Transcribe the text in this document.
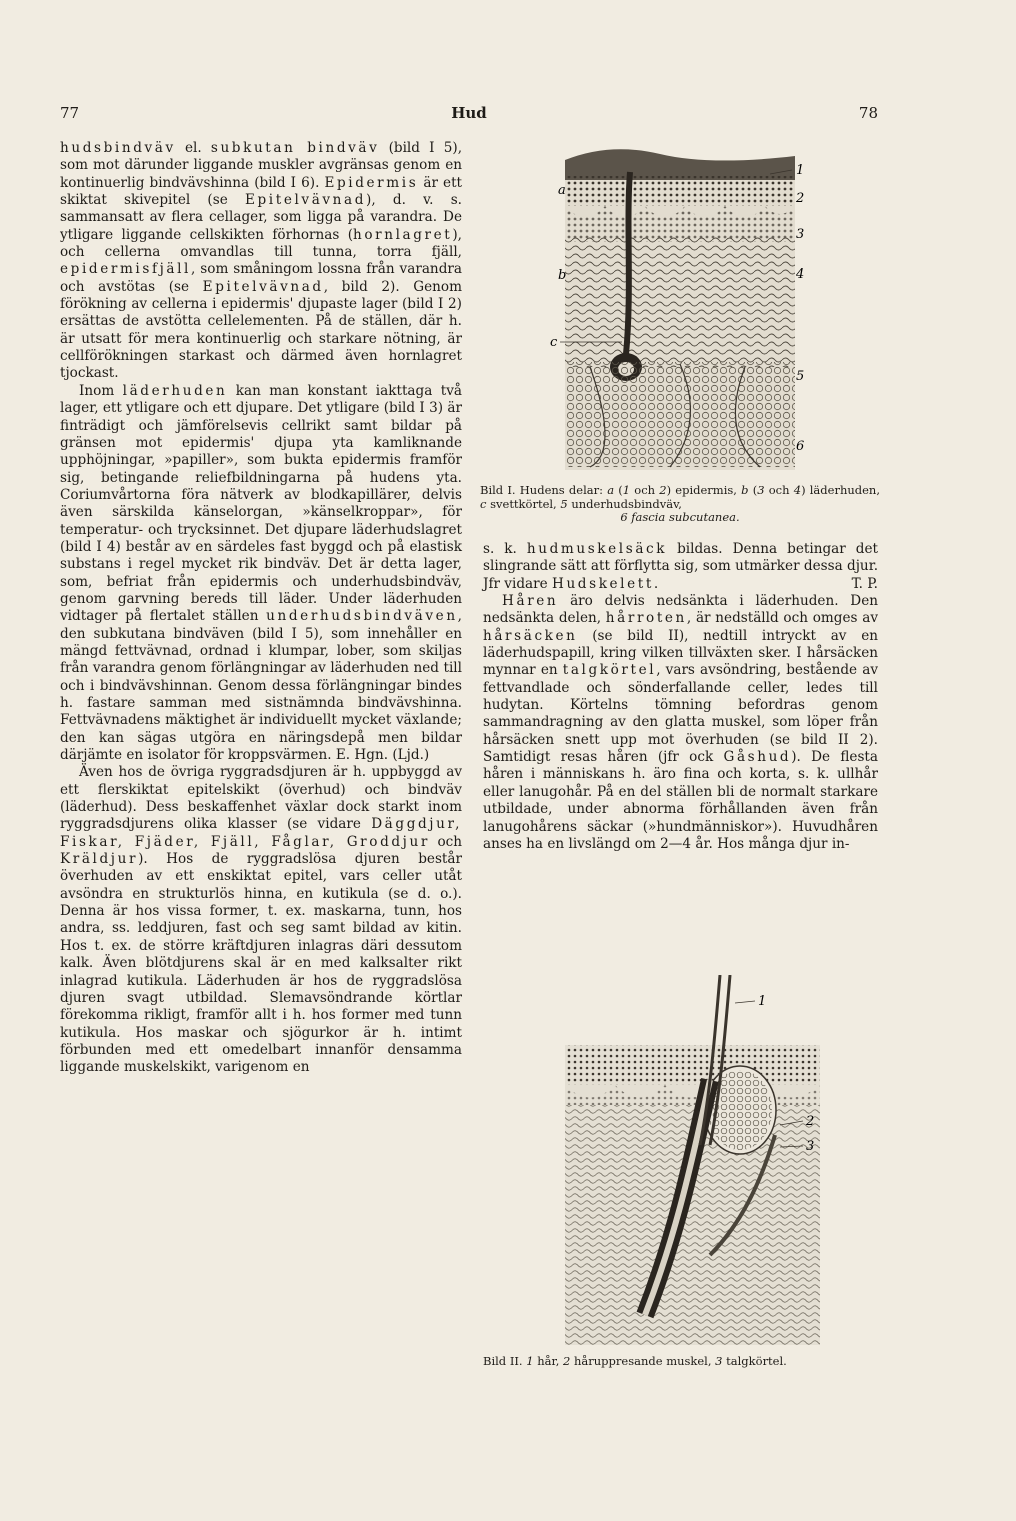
77	Hud	78

hudsbindväv el. subkutan bindväv (bild I 5), som mot därunder liggande muskler avgränsas genom en kontinuerlig bindvävshinna (bild I 6). Epidermis är ett skiktat skivepitel (se Epitelvävnad), d. v. s. sammansatt av flera cellager, som ligga på varandra. De ytligare liggande cellskikten förhornas (hornlagret), och cellerna omvandlas till tunna, torra fjäll, epidermisfjäll, som småningom lossna från varandra och avstötas (se Epitelvävnad, bild 2). Genom förökning av cellerna i epidermis' djupaste lager (bild I 2) ersättas de avstötta cellelementen. På de ställen, där h. är utsatt för mera kontinuerlig och starkare nötning, är cellförökningen starkast och därmed även hornlagret tjockast.

Inom läderhuden kan man konstant iakttaga två lager, ett ytligare och ett djupare. Det ytligare (bild I 3) är finträdigt och jämförelsevis cellrikt samt bildar på gränsen mot epidermis' djupa yta kamliknande upphöjningar, »papiller», som bukta epidermis framför sig, betingande reliefbildningarna på hudens yta. Coriumvårtorna föra nätverk av blodkapillärer, delvis även särskilda känselorgan, »känselkroppar», för temperatur- och trycksinnet. Det djupare läderhudslagret (bild I 4) består av en särdeles fast byggd och på elastisk substans i regel mycket rik bindväv. Det är detta lager, som, befriat från epidermis och underhudsbindväv, genom garvning bereds till läder. Under läderhuden vidtager på flertalet ställen underhudsbindväven, den subkutana bindväven (bild I 5), som innehåller en mängd fettvävnad, ordnad i klumpar, lober, som skiljas från varandra genom förlängningar av läderhuden ned till och i bindvävshinnan. Genom dessa förlängningar bindes h. fastare samman med sistnämnda bindvävshinna. Fettvävnadens mäktighet är individuellt mycket växlande; den kan sägas utgöra en näringsdepå men bildar därjämte en isolator för kroppsvärmen. E. Hgn. (Ljd.)

Även hos de övriga ryggradsdjuren är h. uppbyggd av ett flerskiktat epitelskikt (överhud) och bindväv (läderhud). Dess beskaffenhet växlar dock starkt inom ryggradsdjurens olika klasser (se vidare Däggdjur, Fiskar, Fjäder, Fjäll, Fåglar, Groddjur och Kräldjur). Hos de ryggradslösa djuren består överhuden av ett enskiktat epitel, vars celler utåt avsöndra en strukturlös hinna, en kutikula (se d. o.). Denna är hos vissa former, t. ex. maskarna, tunn, hos andra, ss. leddjuren, fast och seg samt bildad av kitin. Hos t. ex. de större kräftdjuren inlagras däri dessutom kalk. Även blötdjurens skal är en med kalksalter rikt inlagrad kutikula. Läderhuden är hos de ryggradslösa djuren svagt utbildad. Slemavsöndrande körtlar förekomma rikligt, framför allt i h. hos former med tunn kutikula. Hos maskar och sjögurkor är h. intimt förbunden med ett omedelbart innanför densamma liggande muskelskikt, varigenom en

a
b
c
1
2
3
4
5
6
Bild I. Hudens delar: a (1 och 2) epidermis, b (3 och 4) läderhuden, c svettkörtel, 5 underhudsbindväv,
6 fascia subcutanea.

s. k. hudmuskelsäck bildas. Denna betingar det slingrande sätt att förflytta sig, som utmärker dessa djur. Jfr vidare Hudskelett.	T. P.

Håren äro delvis nedsänkta i läderhuden. Den nedsänkta delen, hårroten, är nedställd och omges av hårsäcken (se bild II), nedtill intryckt av en läderhudspapill, kring vilken tillväxten sker. I hårsäcken mynnar en talgkörtel, vars avsöndring, bestående av fettvandlade och sönderfallande celler, ledes till hudytan. Körtelns tömning befordras genom sammandragning av den glatta muskel, som löper från hårsäcken snett upp mot överhuden (se bild II 2). Samtidigt resas håren (jfr ock Gåshud). De flesta håren i människans h. äro fina och korta, s. k. ullhår eller lanugohår. På en del ställen bli de normalt starkare utbildade, under abnorma förhållanden även från lanugohårens säckar (»hundmänniskor»). Huvudhåren anses ha en livslängd om 2—4 år. Hos många djur in-

1
2
3
Bild II. 1 hår, 2 håruppresande muskel, 3 talgkörtel.
